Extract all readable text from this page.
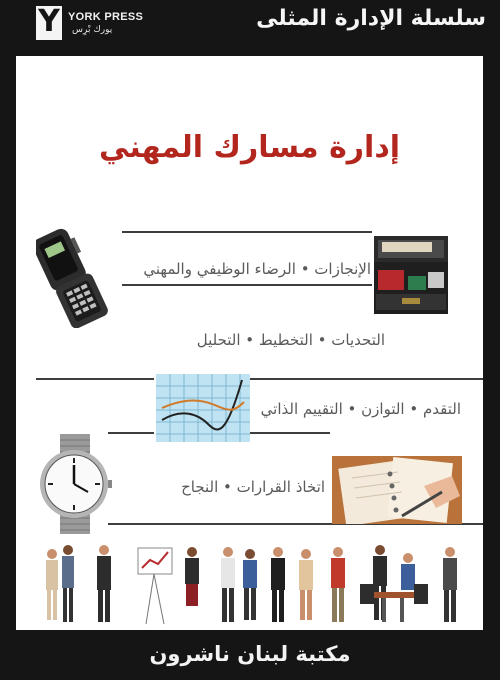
Y YORK PRESS
يورك بْرِس	سلسلة الإدارة المثلى
إدارة مسارك المهني
الإنجازات • الرضاء الوظيفي والمهني
التحديات • التخطيط • التحليل
التقدم • التوازن • التقييم الذاتي
اتخاذ القرارات • النجاح
مكتبة لبنان ناشرون
